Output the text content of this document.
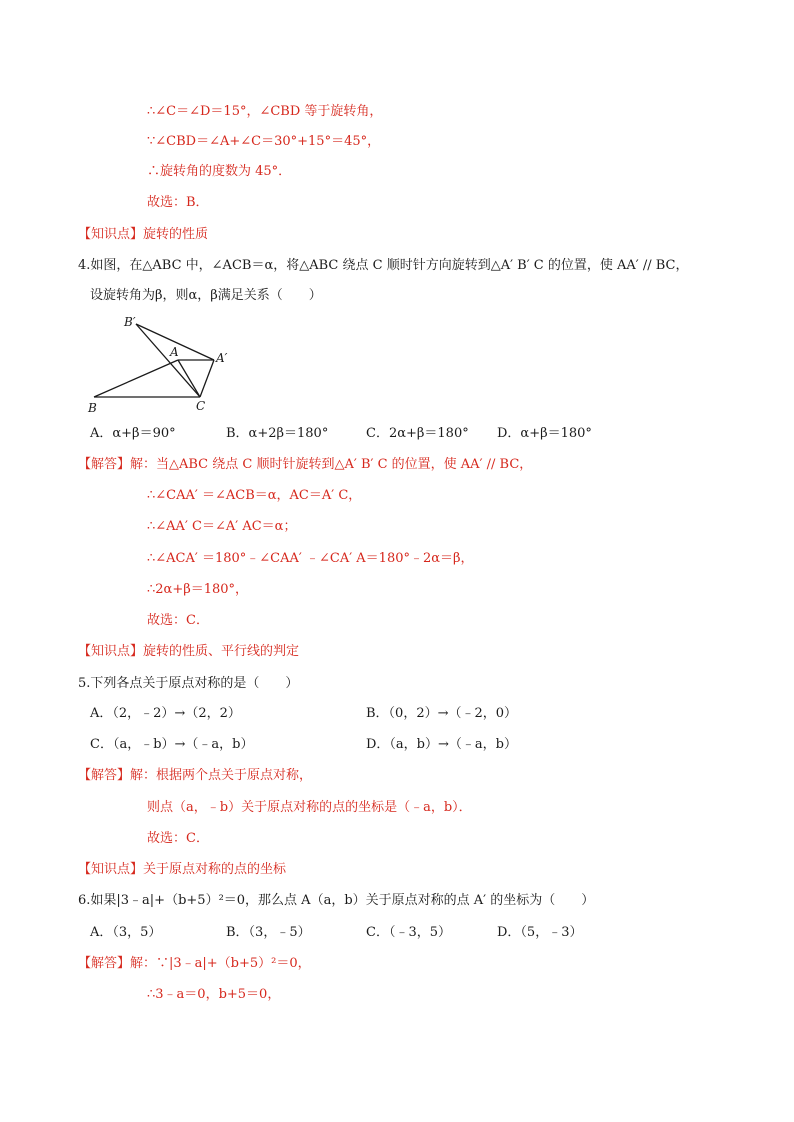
∴∠C＝∠D＝15°，∠CBD 等于旋转角，
∵∠CBD＝∠A+∠C＝30°+15°＝45°，
∴旋转角的度数为 45°．
故选：B．
【知识点】旋转的性质
4.如图，在△ABC 中，∠ACB＝α，将△ABC 绕点 C 顺时针方向旋转到△A′ B′ C 的位置，使 AA′ // BC，
设旋转角为β，则α，β满足关系（　　）
B′
A	A′
B	C
A．α+β＝90°	B．α+2β＝180°	C．2α+β＝180° D．α+β＝180°
【解答】解：当△ABC 绕点 C 顺时针旋转到△A′ B′ C 的位置，使 AA′ // BC，
∴∠CAA′ ＝∠ACB＝α，AC＝A′ C，
∴∠AA′ C＝∠A′ AC＝α；
∴∠ACA′ ＝180°﹣∠CAA′ ﹣∠CA′ A＝180°﹣2α＝β，
∴2α+β＝180°，
故选：C．
【知识点】旋转的性质、平行线的判定
5.下列各点关于原点对称的是（　　）
A．（2，﹣2）→（2，2）	B．（0，2）→（﹣2，0）
C．（a，﹣b）→（﹣a，b）	D．（a，b）→（﹣a，b）
【解答】解：根据两个点关于原点对称，
则点（a，﹣b）关于原点对称的点的坐标是（﹣a，b）．
故选：C．
【知识点】关于原点对称的点的坐标
6.如果|3﹣a|+（b+5）²＝0，那么点 A（a，b）关于原点对称的点 A′ 的坐标为（　　）
A．（3，5）	B．（3，﹣5）	C．（﹣3，5）	D．（5，﹣3）
【解答】解：∵|3﹣a|+（b+5）²＝0，
∴3﹣a＝0，b+5＝0，
